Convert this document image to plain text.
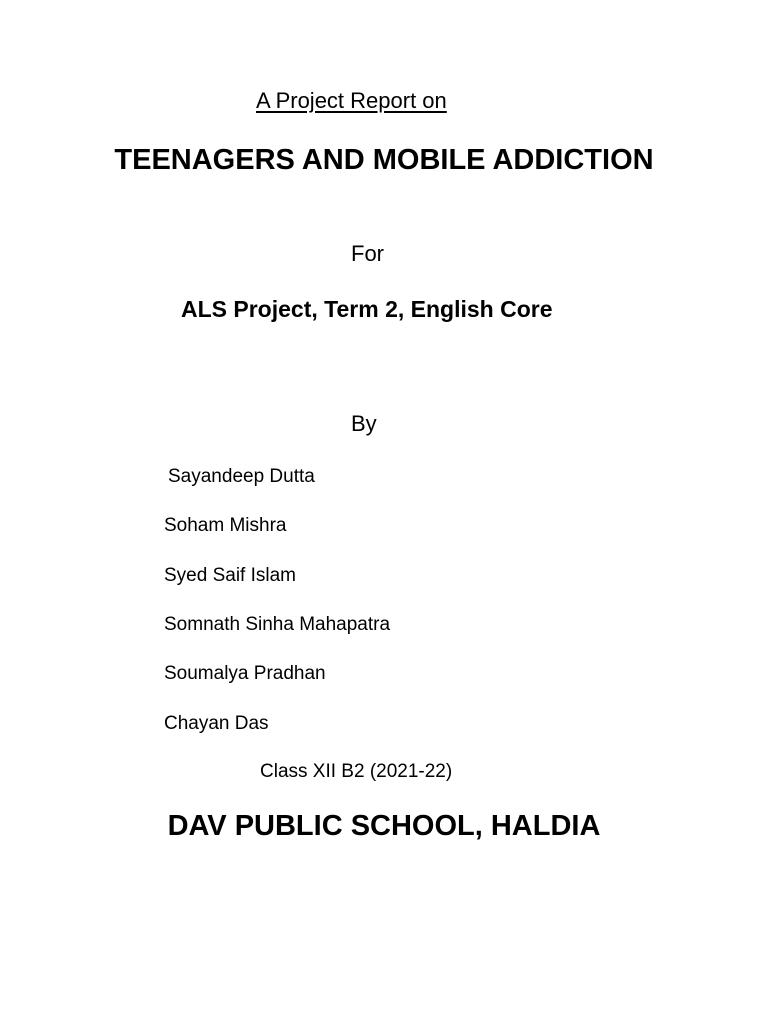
A Project Report on
TEENAGERS AND MOBILE ADDICTION
For
ALS Project, Term 2, English Core
By
Sayandeep Dutta
Soham Mishra
Syed Saif Islam
Somnath Sinha Mahapatra
Soumalya Pradhan
Chayan Das
Class XII B2 (2021-22)
DAV PUBLIC SCHOOL, HALDIA
